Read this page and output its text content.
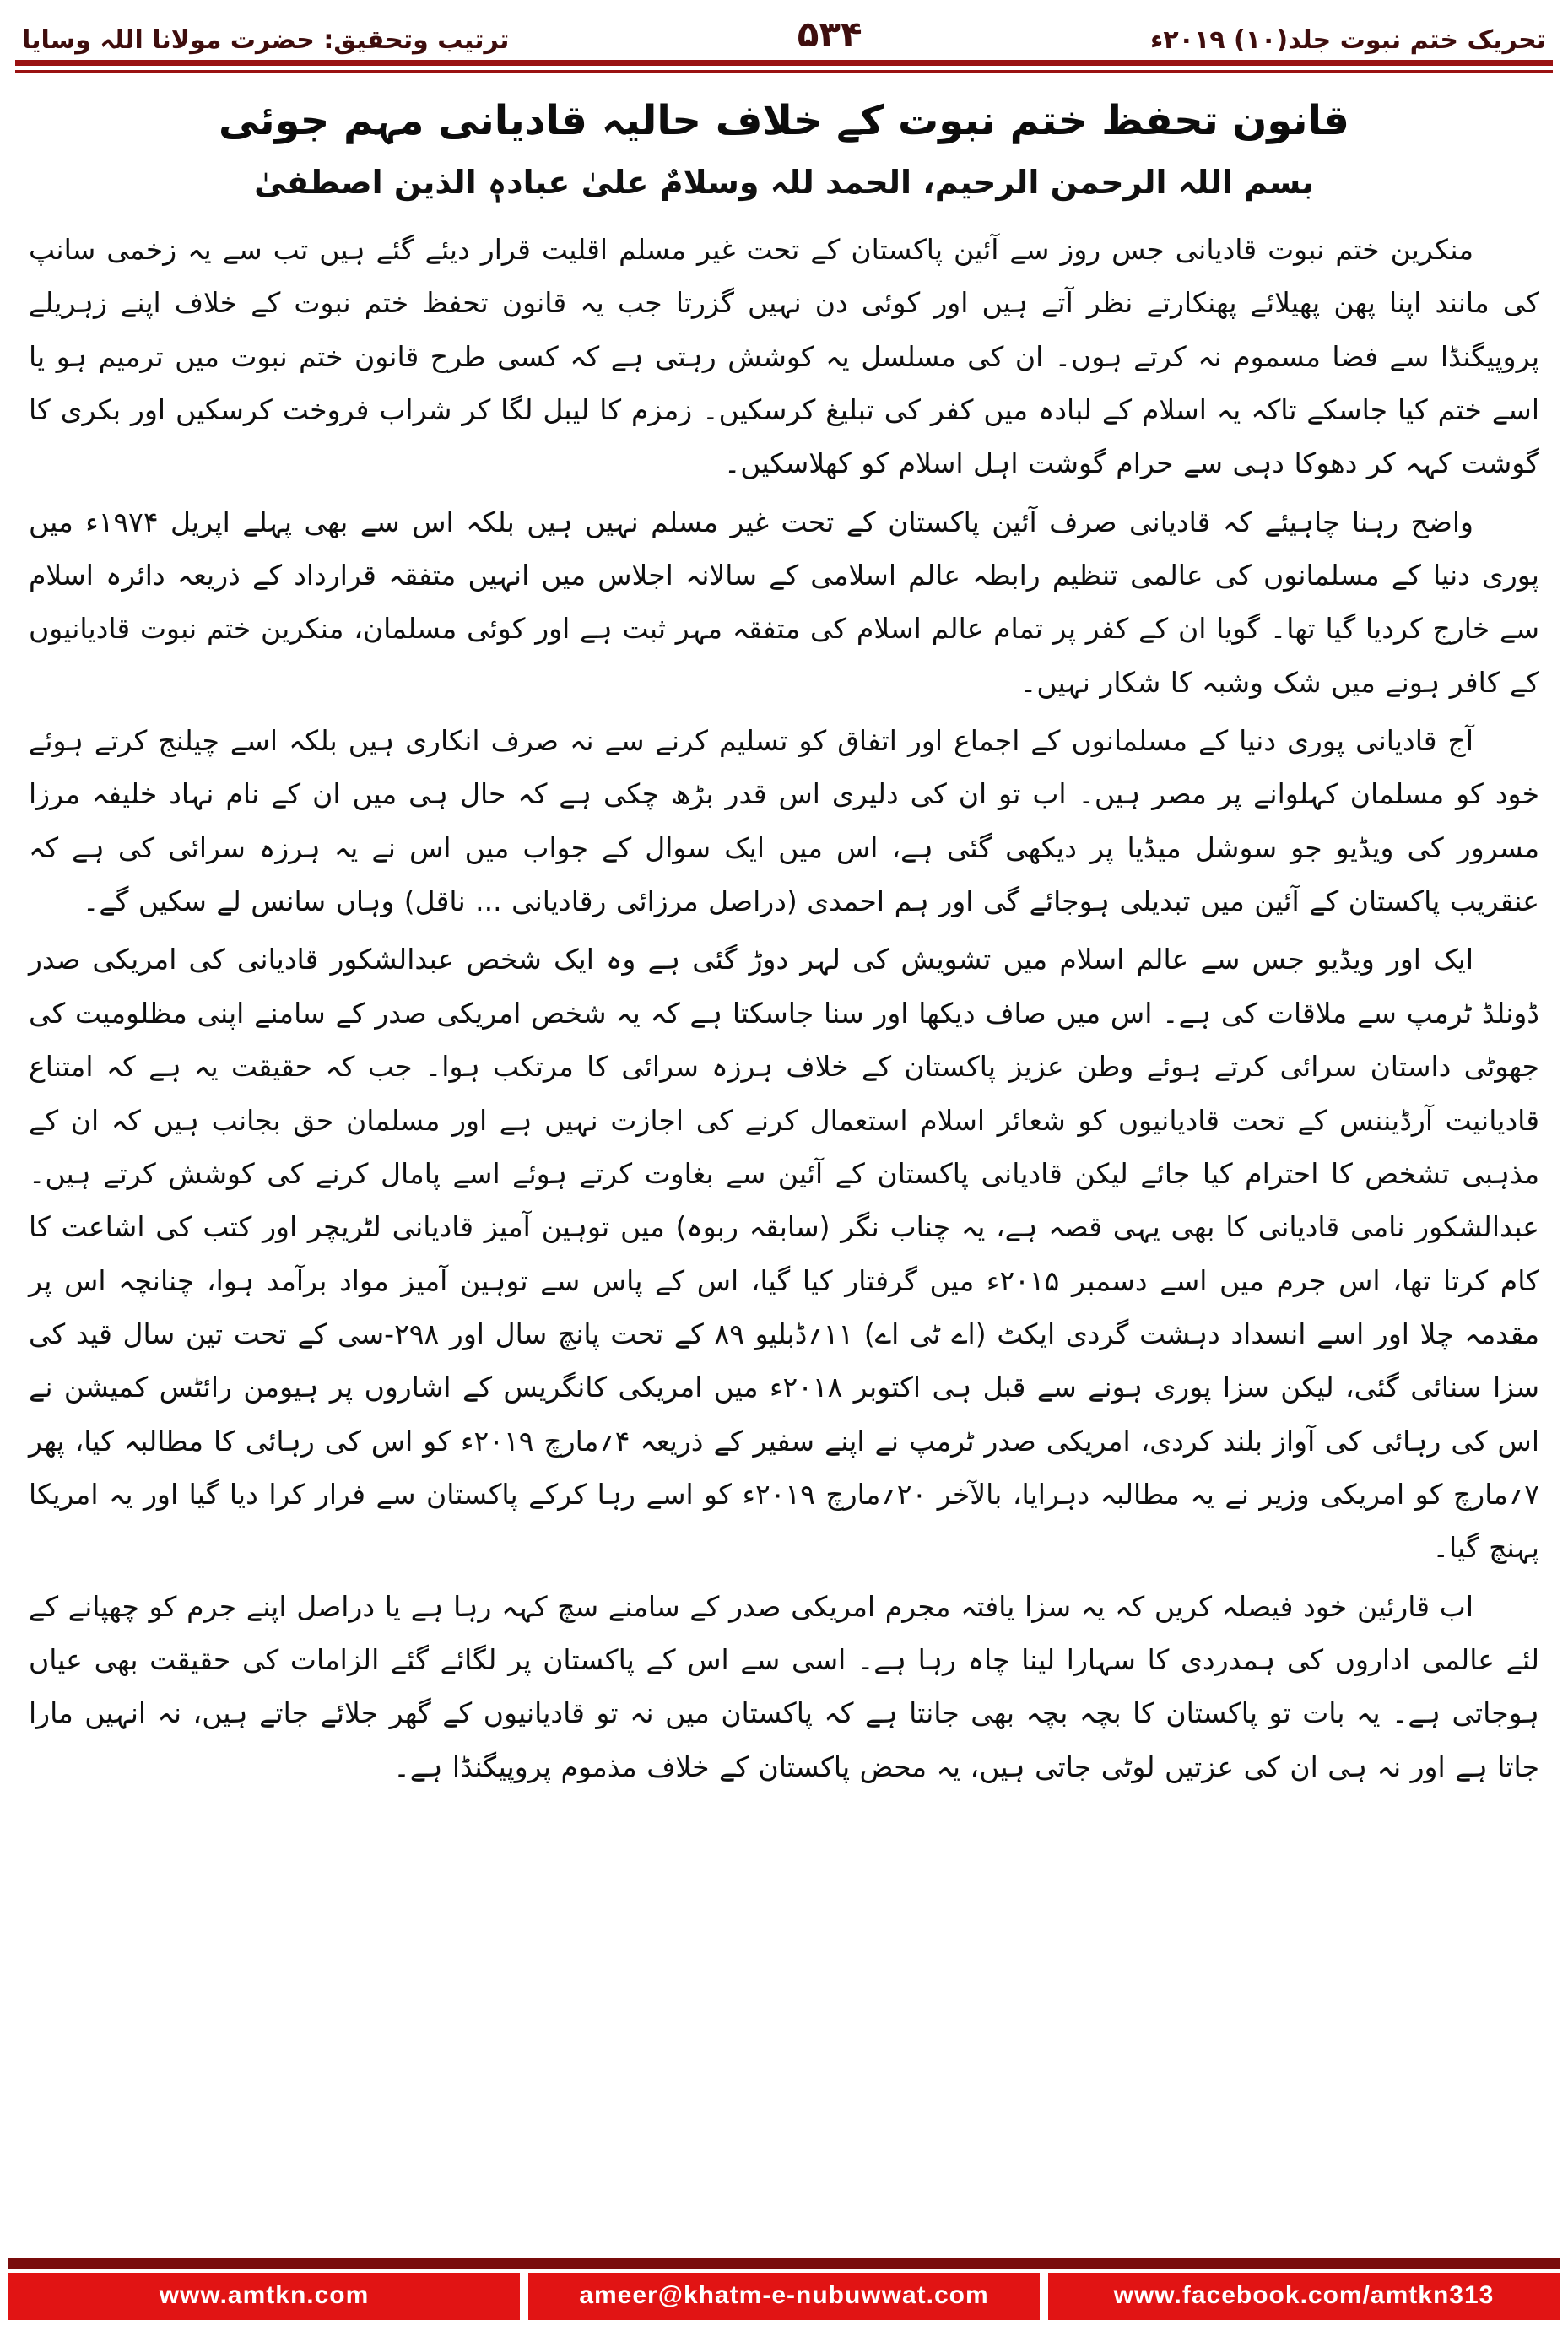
تحریک ختم نبوت جلد(۱۰) ۲۰۱۹ء
۵۳۴
ترتیب وتحقیق: حضرت مولانا اللہ وسایا
قانون تحفظ ختم نبوت کے خلاف حالیہ قادیانی مہم جوئی
بسم اللہ الرحمن الرحیم، الحمد للہ وسلامٌ علیٰ عبادہٖ الذین اصطفیٰ

منکرین ختم نبوت قادیانی جس روز سے آئین پاکستان کے تحت غیر مسلم اقلیت قرار دیئے گئے ہیں تب سے یہ زخمی سانپ کی مانند اپنا پھن پھیلائے پھنکارتے نظر آتے ہیں اور کوئی دن نہیں گزرتا جب یہ قانون تحفظ ختم نبوت کے خلاف اپنے زہریلے پروپیگنڈا سے فضا مسموم نہ کرتے ہوں۔ ان کی مسلسل یہ کوشش رہتی ہے کہ کسی طرح قانون ختم نبوت میں ترمیم ہو یا اسے ختم کیا جاسکے تاکہ یہ اسلام کے لبادہ میں کفر کی تبلیغ کرسکیں۔ زمزم کا لیبل لگا کر شراب فروخت کرسکیں اور بکری کا گوشت کہہ کر دھوکا دہی سے حرام گوشت اہل اسلام کو کھلاسکیں۔

واضح رہنا چاہیئے کہ قادیانی صرف آئین پاکستان کے تحت غیر مسلم نہیں ہیں بلکہ اس سے بھی پہلے اپریل ۱۹۷۴ء میں پوری دنیا کے مسلمانوں کی عالمی تنظیم رابطہ عالم اسلامی کے سالانہ اجلاس میں انہیں متفقہ قرارداد کے ذریعہ دائرہ اسلام سے خارج کردیا گیا تھا۔ گویا ان کے کفر پر تمام عالم اسلام کی متفقہ مہر ثبت ہے اور کوئی مسلمان، منکرین ختم نبوت قادیانیوں کے کافر ہونے میں شک وشبہ کا شکار نہیں۔

آج قادیانی پوری دنیا کے مسلمانوں کے اجماع اور اتفاق کو تسلیم کرنے سے نہ صرف انکاری ہیں بلکہ اسے چیلنج کرتے ہوئے خود کو مسلمان کہلوانے پر مصر ہیں۔ اب تو ان کی دلیری اس قدر بڑھ چکی ہے کہ حال ہی میں ان کے نام نہاد خلیفہ مرزا مسرور کی ویڈیو جو سوشل میڈیا پر دیکھی گئی ہے، اس میں ایک سوال کے جواب میں اس نے یہ ہرزہ سرائی کی ہے کہ عنقریب پاکستان کے آئین میں تبدیلی ہوجائے گی اور ہم احمدی (دراصل مرزائی رقادیانی ... ناقل) وہاں سانس لے سکیں گے۔

ایک اور ویڈیو جس سے عالم اسلام میں تشویش کی لہر دوڑ گئی ہے وہ ایک شخص عبدالشکور قادیانی کی امریکی صدر ڈونلڈ ٹرمپ سے ملاقات کی ہے۔ اس میں صاف دیکھا اور سنا جاسکتا ہے کہ یہ شخص امریکی صدر کے سامنے اپنی مظلومیت کی جھوٹی داستان سرائی کرتے ہوئے وطن عزیز پاکستان کے خلاف ہرزہ سرائی کا مرتکب ہوا۔ جب کہ حقیقت یہ ہے کہ امتناع قادیانیت آرڈیننس کے تحت قادیانیوں کو شعائر اسلام استعمال کرنے کی اجازت نہیں ہے اور مسلمان حق بجانب ہیں کہ ان کے مذہبی تشخص کا احترام کیا جائے لیکن قادیانی پاکستان کے آئین سے بغاوت کرتے ہوئے اسے پامال کرنے کی کوشش کرتے ہیں۔ عبدالشکور نامی قادیانی کا بھی یہی قصہ ہے، یہ چناب نگر (سابقہ ربوہ) میں توہین آمیز قادیانی لٹریچر اور کتب کی اشاعت کا کام کرتا تھا، اس جرم میں اسے دسمبر ۲۰۱۵ء میں گرفتار کیا گیا، اس کے پاس سے توہین آمیز مواد برآمد ہوا، چنانچہ اس پر مقدمہ چلا اور اسے انسداد دہشت گردی ایکٹ (اے ٹی اے) ۱۱؍ڈبلیو ۸۹ کے تحت پانچ سال اور ۲۹۸-سی کے تحت تین سال قید کی سزا سنائی گئی، لیکن سزا پوری ہونے سے قبل ہی اکتوبر ۲۰۱۸ء میں امریکی کانگریس کے اشاروں پر ہیومن رائٹس کمیشن نے اس کی رہائی کی آواز بلند کردی، امریکی صدر ٹرمپ نے اپنے سفیر کے ذریعہ ۴؍مارچ ۲۰۱۹ء کو اس کی رہائی کا مطالبہ کیا، پھر ۷؍مارچ کو امریکی وزیر نے یہ مطالبہ دہرایا، بالآخر ۲۰؍مارچ ۲۰۱۹ء کو اسے رہا کرکے پاکستان سے فرار کرا دیا گیا اور یہ امریکا پہنچ گیا۔

اب قارئین خود فیصلہ کریں کہ یہ سزا یافتہ مجرم امریکی صدر کے سامنے سچ کہہ رہا ہے یا دراصل اپنے جرم کو چھپانے کے لئے عالمی اداروں کی ہمدردی کا سہارا لینا چاہ رہا ہے۔ اسی سے اس کے پاکستان پر لگائے گئے الزامات کی حقیقت بھی عیاں ہوجاتی ہے۔ یہ بات تو پاکستان کا بچہ بچہ بھی جانتا ہے کہ پاکستان میں نہ تو قادیانیوں کے گھر جلائے جاتے ہیں، نہ انہیں مارا جاتا ہے اور نہ ہی ان کی عزتیں لوٹی جاتی ہیں، یہ محض پاکستان کے خلاف مذموم پروپیگنڈا ہے۔

www.amtkn.com	ameer@khatm-e-nubuwwat.com	www.facebook.com/amtkn313
